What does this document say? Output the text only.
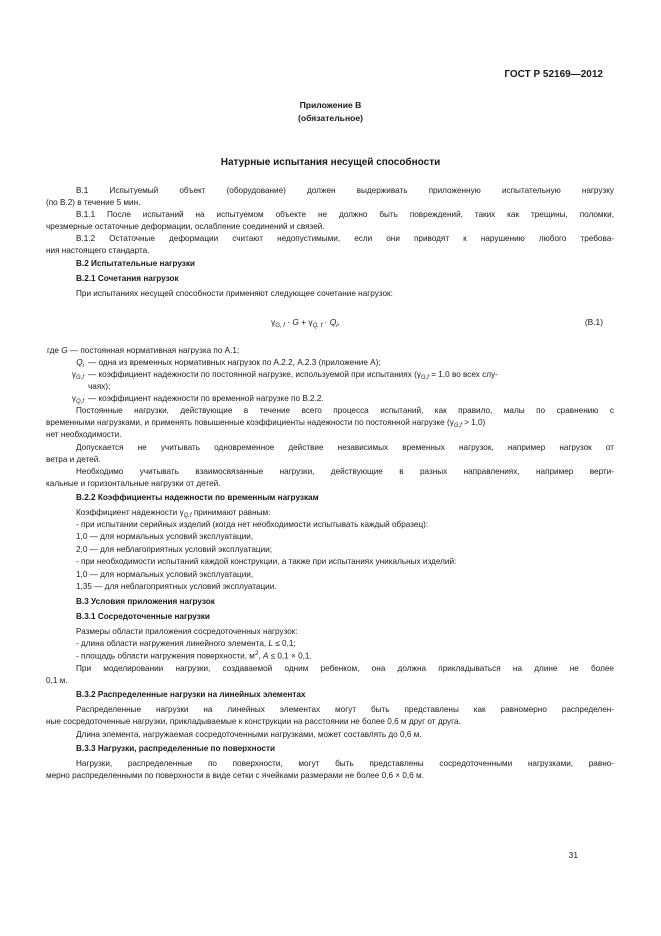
ГОСТ Р 52169—2012

Приложение В

(обязательное)

Натурные испытания несущей способности

В.1 Испытуемый объект (оборудование) должен выдерживать приложенную испытательную нагрузку

(по В.2) в течение 5 мин.

В.1.1 После испытаний на испытуемом объекте не должно быть повреждений, таких как трещины, поломки,

чрезмерные остаточные деформации, ослабление соединений и связей.

В.1.2 Остаточные деформации считают недопустимыми, если они приводят к нарушению любого требова-

ния настоящего стандарта.

В.2 Испытательные нагрузки

В.2.1 Сочетания нагрузок

При испытаниях несущей способности применяют следующее сочетание нагрузок:

$\gamma_{G, f} \cdot G + \gamma_{Q, f} \cdot Q_i$,	(В.1)
где G — постоянная нормативная нагрузка по А.1;
$Q_i$ — одна из временных нормативных нагрузок по А.2.2, А.2.3 (приложение А);
$\gamma_{G,f}$ — коэффициент надежности по постоянной нагрузке, используемой при испытаниях ($\gamma_{G,f} = 1,0$ во всех слу-
чаях);
$\gamma_{Q,f}$ — коэффициент надежности по временной нагрузке по В.2.2.

Постоянные нагрузки, действующие в течение всего процесса испытаний, как правило, малы по сравнению с

временными нагрузками, и применять повышенные коэффициенты надежности по постоянной нагрузке $(\gamma_{G,f} > 1,0)$

нет необходимости.

Допускается не учитывать одновременное действие независимых временных нагрузок, например нагрузок от

ветра и детей.

Необходимо учитывать взаимосвязанные нагрузки, действующие в разных направлениях, например верти-

кальные и горизонтальные нагрузки от детей.

В.2.2 Коэффициенты надежности по временным нагрузкам

Коэффициент надежности $\gamma_{Q,f}$ принимают равным:

- при испытании серийных изделий (когда нет необходимости испытывать каждый образец):

1,0 — для нормальных условий эксплуатации,

2,0 — для неблагоприятных условий эксплуатации;

- при необходимости испытаний каждой конструкции, а также при испытаниях уникальных изделий:

1,0 — для нормальных условий эксплуатации,

1,35 — для неблагоприятных условий эксплуатации.

В.3 Условия приложения нагрузок

В.3.1 Сосредоточенные нагрузки

Размеры области приложения сосредоточенных нагрузок:

- длина области нагружения линейного элемента, L ≤ 0,1;

- площадь области нагружения поверхности, $м^2$, A ≤ 0,1 × 0,1.

При моделировании нагрузки, создаваемой одним ребенком, она должна прикладываться на длине не более

0,1 м.

В.3.2 Распределенные нагрузки на линейных элементах

Распределенные нагрузки на линейных элементах могут быть представлены как равномерно распределен-

ные сосредоточенные нагрузки, прикладываемые к конструкции на расстоянии не более 0,6 м друг от друга.

Длина элемента, нагружаемая сосредоточенными нагрузками, может составлять до 0,6 м.

В.3.3 Нагрузки, распределенные по поверхности

Нагрузки, распределенные по поверхности, могут быть представлены сосредоточенными нагрузками, равно-

мерно распределенными по поверхности в виде сетки с ячейками размерами не более 0,6 × 0,6 м.

31
